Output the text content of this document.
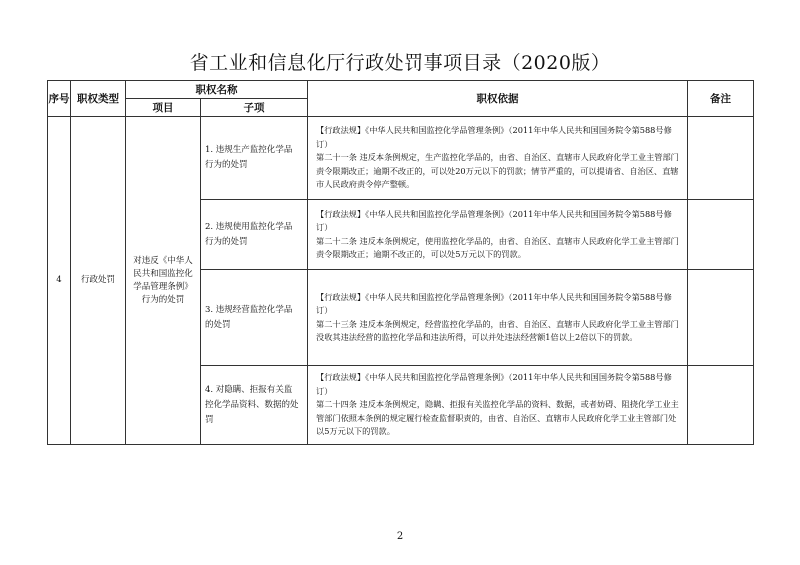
省工业和信息化厅行政处罚事项目录（2020版）
序号	职权类型	职权名称		职权依据	备注
		项目	子项		
4	行政处罚	对违反《中华人民共和国监控化学品管理条例》行为的处罚	1. 违规生产监控化学品行为的处罚	【行政法规】《中华人民共和国监控化学品管理条例》（2011年中华人民共和国国务院令第588号修订）

第二十一条 违反本条例规定，生产监控化学品的，由省、自治区、直辖市人民政府化学工业主管部门责令限期改正；逾期不改正的，可以处20万元以下的罚款；情节严重的，可以提请省、自治区、直辖市人民政府责令停产整顿。	

			2. 违规使用监控化学品行为的处罚	【行政法规】《中华人民共和国监控化学品管理条例》（2011年中华人民共和国国务院令第588号修订）

第二十二条 违反本条例规定，使用监控化学品的，由省、自治区、直辖市人民政府化学工业主管部门责令限期改正；逾期不改正的，可以处5万元以下的罚款。	

			3. 违规经营监控化学品的处罚	【行政法规】《中华人民共和国监控化学品管理条例》（2011年中华人民共和国国务院令第588号修订）

第二十三条 违反本条例规定，经营监控化学品的，由省、自治区、直辖市人民政府化学工业主管部门没收其违法经营的监控化学品和违法所得，可以并处违法经营额1倍以上2倍以下的罚款。	

			4. 对隐瞒、拒报有关监控化学品资料、数据的处罚	【行政法规】《中华人民共和国监控化学品管理条例》（2011年中华人民共和国国务院令第588号修订）

第二十四条 违反本条例规定，隐瞒、拒报有关监控化学品的资料、数据，或者妨碍、阻挠化学工业主管部门依照本条例的规定履行检查监督职责的，由省、自治区、直辖市人民政府化学工业主管部门处以5万元以下的罚款。	

2
